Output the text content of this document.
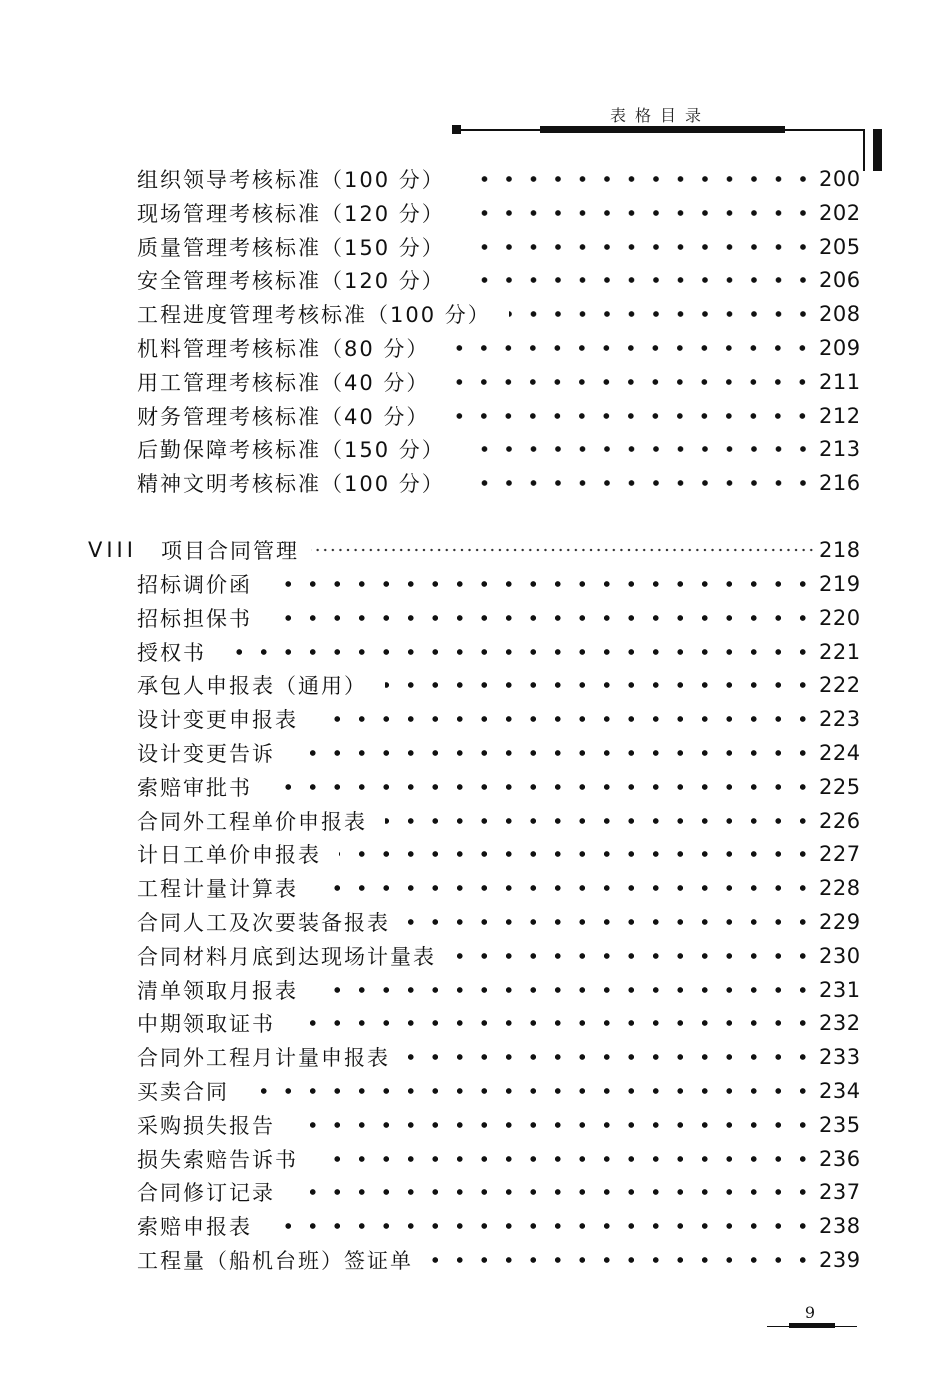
表格目录
组织领导考核标准（100 分）	200
现场管理考核标准（120 分）	202
质量管理考核标准（150 分）	205
安全管理考核标准（120 分）	206
工程进度管理考核标准（100 分）	208
机料管理考核标准（80 分）	209
用工管理考核标准（40 分）	211
财务管理考核标准（40 分）	212
后勤保障考核标准（150 分）	213
精神文明考核标准（100 分）	216
VIII 项目合同管理	218
招标调价函	219
招标担保书	220
授权书	221
承包人申报表（通用）	222
设计变更申报表	223
设计变更告诉	224
索赔审批书	225
合同外工程单价申报表	226
计日工单价申报表	227
工程计量计算表	228
合同人工及次要装备报表	229
合同材料月底到达现场计量表	230
清单领取月报表	231
中期领取证书	232
合同外工程月计量申报表	233
买卖合同	234
采购损失报告	235
损失索赔告诉书	236
合同修订记录	237
索赔申报表	238
工程量（船机台班）签证单	239
9
